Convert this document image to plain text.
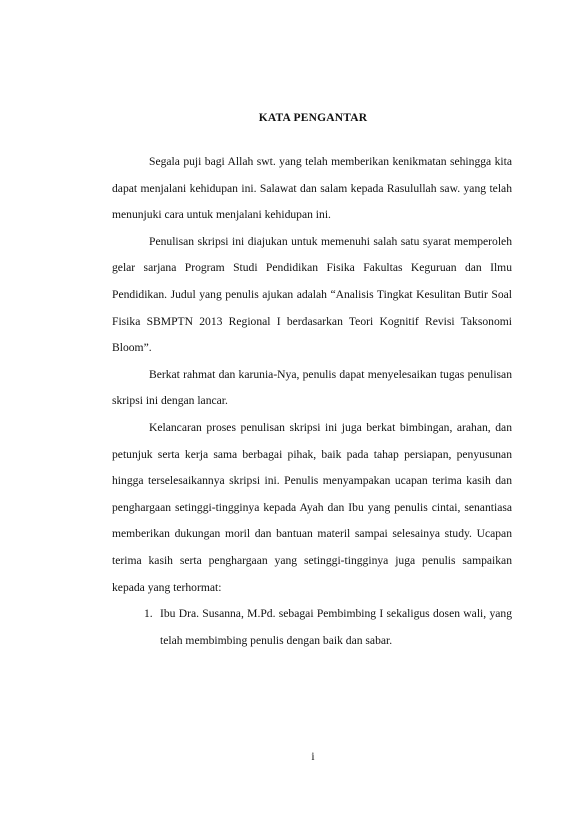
KATA PENGANTAR

Segala puji bagi Allah swt. yang telah memberikan kenikmatan sehingga kita dapat menjalani kehidupan ini. Salawat dan salam kepada Rasulullah saw. yang telah menunjuki cara untuk menjalani kehidupan ini.

Penulisan skripsi ini diajukan untuk memenuhi salah satu syarat memperoleh gelar sarjana Program Studi Pendidikan Fisika Fakultas Keguruan dan Ilmu Pendidikan. Judul yang penulis ajukan adalah “Analisis Tingkat Kesulitan Butir Soal Fisika SBMPTN 2013 Regional I berdasarkan Teori Kognitif Revisi Taksonomi Bloom”.

Berkat rahmat dan karunia-Nya, penulis dapat menyelesaikan tugas penulisan skripsi ini dengan lancar.

Kelancaran proses penulisan skripsi ini juga berkat bimbingan, arahan, dan petunjuk serta kerja sama berbagai pihak, baik pada tahap persiapan, penyusunan hingga terselesaikannya skripsi ini. Penulis menyampakan ucapan terima kasih dan penghargaan setinggi-tingginya kepada Ayah dan Ibu yang penulis cintai, senantiasa memberikan dukungan moril dan bantuan materil sampai selesainya study. Ucapan terima kasih serta penghargaan yang setinggi-tingginya juga penulis sampaikan kepada yang terhormat:

1. Ibu Dra. Susanna, M.Pd. sebagai Pembimbing I sekaligus dosen wali, yang telah membimbing penulis dengan baik dan sabar.
i
